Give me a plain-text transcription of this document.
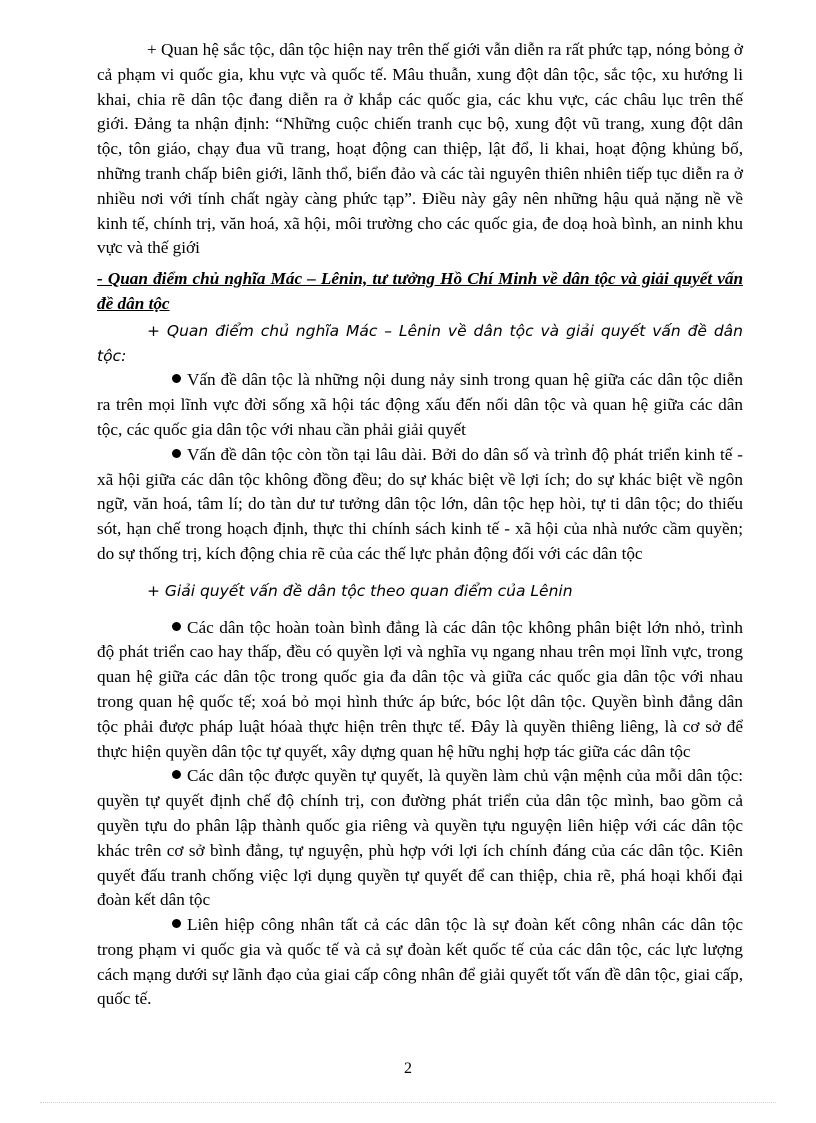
+ Quan hệ sắc tộc, dân tộc hiện nay trên thế giới vẫn diễn ra rất phức tạp, nóng bỏng ở cả phạm vi quốc gia, khu vực và quốc tế. Mâu thuẫn, xung đột dân tộc, sắc tộc, xu hướng li khai, chia rẽ dân tộc đang diễn ra ở khắp các quốc gia, các khu vực, các châu lục trên thế giới. Đảng ta nhận định: “Những cuộc chiến tranh cục bộ, xung đột vũ trang, xung đột dân tộc, tôn giáo, chạy đua vũ trang, hoạt động can thiệp, lật đổ, li khai, hoạt động khủng bố, những tranh chấp biên giới, lãnh thổ, biển đảo và các tài nguyên thiên nhiên tiếp tục diễn ra ở nhiều nơi với tính chất ngày càng phức tạp”. Điều này gây nên những hậu quả nặng nề về kinh tế, chính trị, văn hoá, xã hội, môi trường cho các quốc gia, đe doạ hoà bình, an ninh khu vực và thế giới

- Quan điểm chủ nghĩa Mác – Lênin, tư tưởng Hồ Chí Minh về dân tộc và giải quyết vấn đề dân tộc

+ Quan điểm chủ nghĩa Mác – Lênin về dân tộc và giải quyết vấn đề dân tộc:

Vấn đề dân tộc là những nội dung nảy sinh trong quan hệ giữa các dân tộc diễn ra trên mọi lĩnh vực đời sống xã hội tác động xấu đến nối dân tộc và quan hệ giữa các dân tộc, các quốc gia dân tộc với nhau cần phải giải quyết

Vấn đề dân tộc còn tồn tại lâu dài. Bởi do dân số và trình độ phát triển kinh tế - xã hội giữa các dân tộc không đồng đều; do sự khác biệt về lợi ích; do sự khác biệt về ngôn ngữ, văn hoá, tâm lí; do tàn dư tư tưởng dân tộc lớn, dân tộc hẹp hòi, tự ti dân tộc; do thiếu sót, hạn chế trong hoạch định, thực thi chính sách kinh tế - xã hội của nhà nước cầm quyền; do sự thống trị, kích động chia rẽ của các thế lực phản động đối với các dân tộc

+ Giải quyết vấn đề dân tộc theo quan điểm của Lênin

Các dân tộc hoàn toàn bình đẳng là các dân tộc không phân biệt lớn nhỏ, trình độ phát triển cao hay thấp, đều có quyền lợi và nghĩa vụ ngang nhau trên mọi lĩnh vực, trong quan hệ giữa các dân tộc trong quốc gia đa dân tộc và giữa các quốc gia dân tộc với nhau trong quan hệ quốc tế; xoá bỏ mọi hình thức áp bức, bóc lột dân tộc. Quyền bình đẳng dân tộc phải được pháp luật hóaà thực hiện trên thực tế. Đây là quyền thiêng liêng, là cơ sở để thực hiện quyền dân tộc tự quyết, xây dựng quan hệ hữu nghị hợp tác giữa các dân tộc

Các dân tộc được quyền tự quyết, là quyền làm chủ vận mệnh của mỗi dân tộc: quyền tự quyết định chế độ chính trị, con đường phát triển của dân tộc mình, bao gồm cả quyền tựu do phân lập thành quốc gia riêng và quyền tựu nguyện liên hiệp với các dân tộc khác trên cơ sở bình đẳng, tự nguyện, phù hợp với lợi ích chính đáng của các dân tộc. Kiên quyết đấu tranh chống việc lợi dụng quyền tự quyết để can thiệp, chia rẽ, phá hoại khối đại đoàn kết dân tộc

Liên hiệp công nhân tất cả các dân tộc là sự đoàn kết công nhân các dân tộc trong phạm vi quốc gia và quốc tế và cả sự đoàn kết quốc tế của các dân tộc, các lực lượng cách mạng dưới sự lãnh đạo của giai cấp công nhân để giải quyết tốt vấn đề dân tộc, giai cấp, quốc tế.

2
